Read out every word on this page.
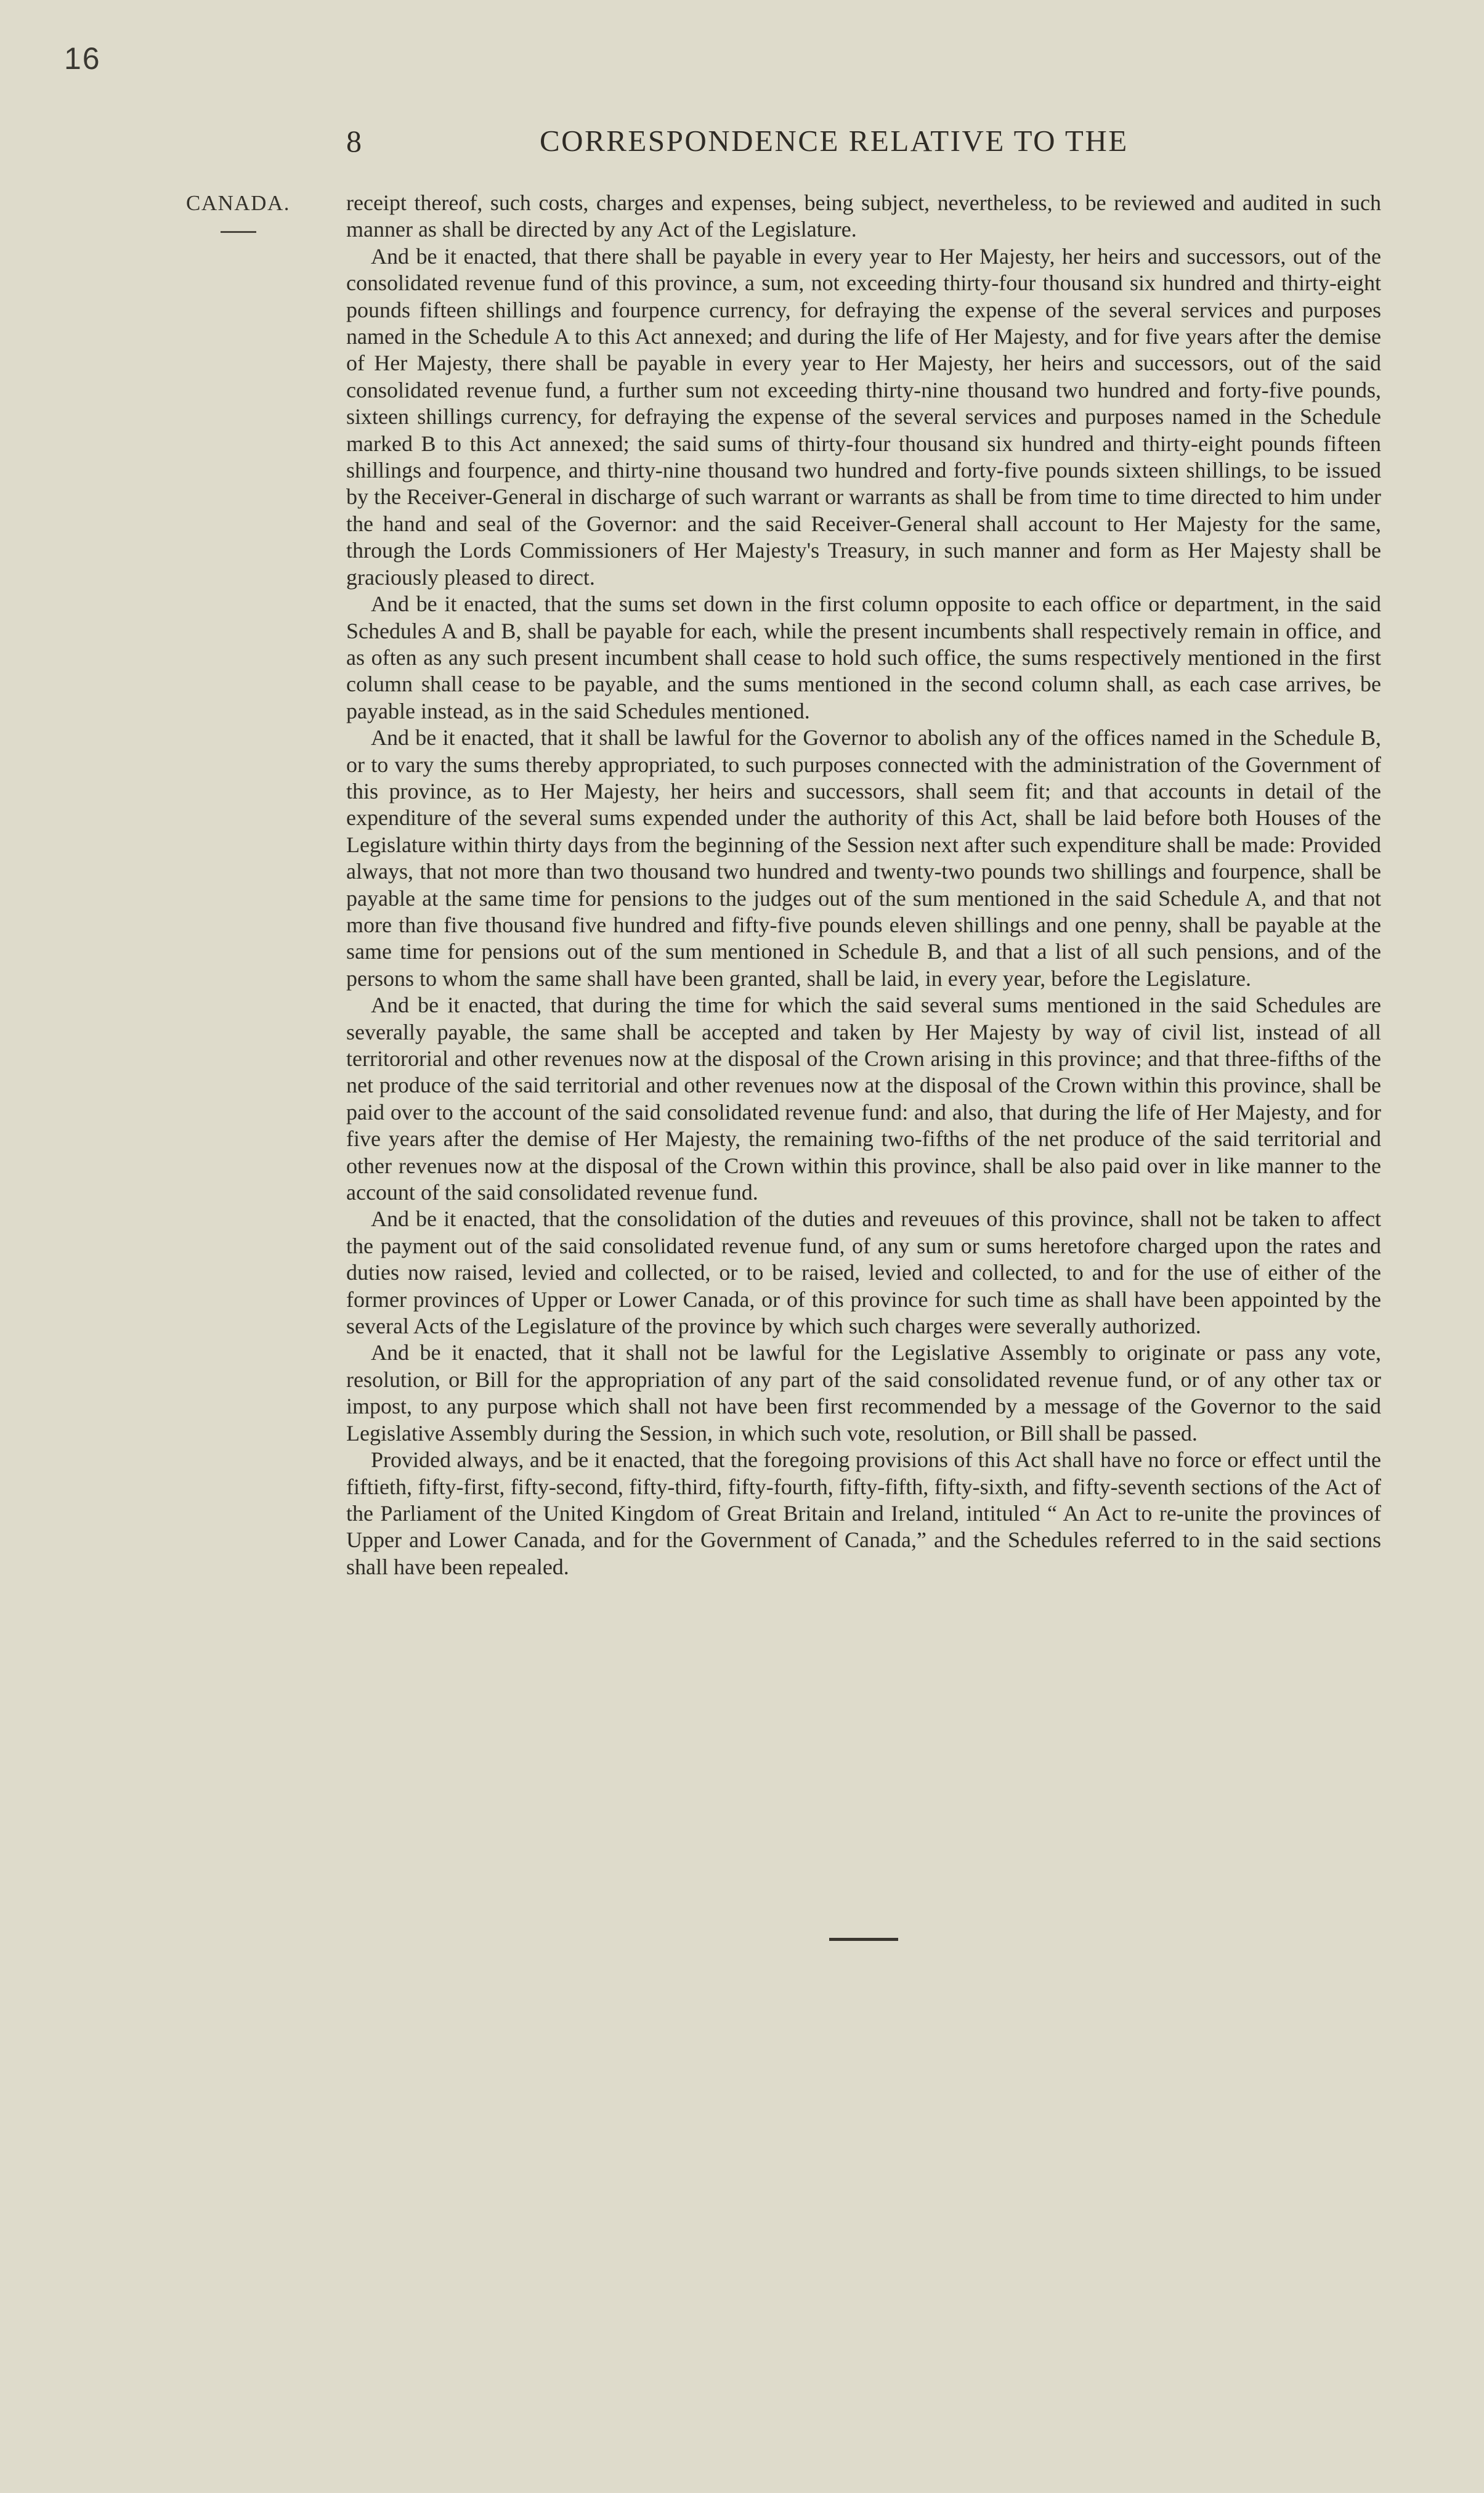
16
8	CORRESPONDENCE RELATIVE TO THE
CANADA.	receipt thereof, such costs, charges and expenses, being subject, nevertheless, to be reviewed and audited in such manner as shall be directed by any Act of the Legislature.

And be it enacted, that there shall be payable in every year to Her Majesty, her heirs and successors, out of the consolidated revenue fund of this province, a sum, not exceeding thirty-four thousand six hundred and thirty-eight pounds fifteen shillings and fourpence currency, for defraying the expense of the several services and purposes named in the Schedule A to this Act annexed; and during the life of Her Majesty, and for five years after the demise of Her Majesty, there shall be payable in every year to Her Majesty, her heirs and successors, out of the said consolidated revenue fund, a further sum not exceeding thirty-nine thousand two hundred and forty-five pounds, sixteen shillings currency, for defraying the expense of the several services and purposes named in the Schedule marked B to this Act annexed; the said sums of thirty-four thousand six hundred and thirty-eight pounds fifteen shillings and fourpence, and thirty-nine thousand two hundred and forty-five pounds sixteen shillings, to be issued by the Receiver-General in discharge of such warrant or warrants as shall be from time to time directed to him under the hand and seal of the Governor: and the said Receiver-General shall account to Her Majesty for the same, through the Lords Commissioners of Her Majesty's Treasury, in such manner and form as Her Majesty shall be graciously pleased to direct.

And be it enacted, that the sums set down in the first column opposite to each office or department, in the said Schedules A and B, shall be payable for each, while the present incumbents shall respectively remain in office, and as often as any such present incumbent shall cease to hold such office, the sums respectively mentioned in the first column shall cease to be payable, and the sums mentioned in the second column shall, as each case arrives, be payable instead, as in the said Schedules mentioned.

And be it enacted, that it shall be lawful for the Governor to abolish any of the offices named in the Schedule B, or to vary the sums thereby appropriated, to such purposes connected with the administration of the Government of this province, as to Her Majesty, her heirs and successors, shall seem fit; and that accounts in detail of the expenditure of the several sums expended under the authority of this Act, shall be laid before both Houses of the Legislature within thirty days from the beginning of the Session next after such expenditure shall be made: Provided always, that not more than two thousand two hundred and twenty-two pounds two shillings and fourpence, shall be payable at the same time for pensions to the judges out of the sum mentioned in the said Schedule A, and that not more than five thousand five hundred and fifty-five pounds eleven shillings and one penny, shall be payable at the same time for pensions out of the sum mentioned in Schedule B, and that a list of all such pensions, and of the persons to whom the same shall have been granted, shall be laid, in every year, before the Legislature.

And be it enacted, that during the time for which the said several sums mentioned in the said Schedules are severally payable, the same shall be accepted and taken by Her Majesty by way of civil list, instead of all territororial and other revenues now at the disposal of the Crown arising in this province; and that three-fifths of the net produce of the said territorial and other revenues now at the disposal of the Crown within this province, shall be paid over to the account of the said consolidated revenue fund: and also, that during the life of Her Majesty, and for five years after the demise of Her Majesty, the remaining two-fifths of the net produce of the said territorial and other revenues now at the disposal of the Crown within this province, shall be also paid over in like manner to the account of the said consolidated revenue fund.

And be it enacted, that the consolidation of the duties and reveuues of this province, shall not be taken to affect the payment out of the said consolidated revenue fund, of any sum or sums heretofore charged upon the rates and duties now raised, levied and collected, or to be raised, levied and collected, to and for the use of either of the former provinces of Upper or Lower Canada, or of this province for such time as shall have been appointed by the several Acts of the Legislature of the province by which such charges were severally authorized.

And be it enacted, that it shall not be lawful for the Legislative Assembly to originate or pass any vote, resolution, or Bill for the appropriation of any part of the said consolidated revenue fund, or of any other tax or impost, to any purpose which shall not have been first recommended by a message of the Governor to the said Legislative Assembly during the Session, in which such vote, resolution, or Bill shall be passed.

Provided always, and be it enacted, that the foregoing provisions of this Act shall have no force or effect until the fiftieth, fifty-first, fifty-second, fifty-third, fifty-fourth, fifty-fifth, fifty-sixth, and fifty-seventh sections of the Act of the Parliament of the United Kingdom of Great Britain and Ireland, intituled “ An Act to re-unite the provinces of Upper and Lower Canada, and for the Government of Canada,” and the Schedules referred to in the said sections shall have been repealed.
